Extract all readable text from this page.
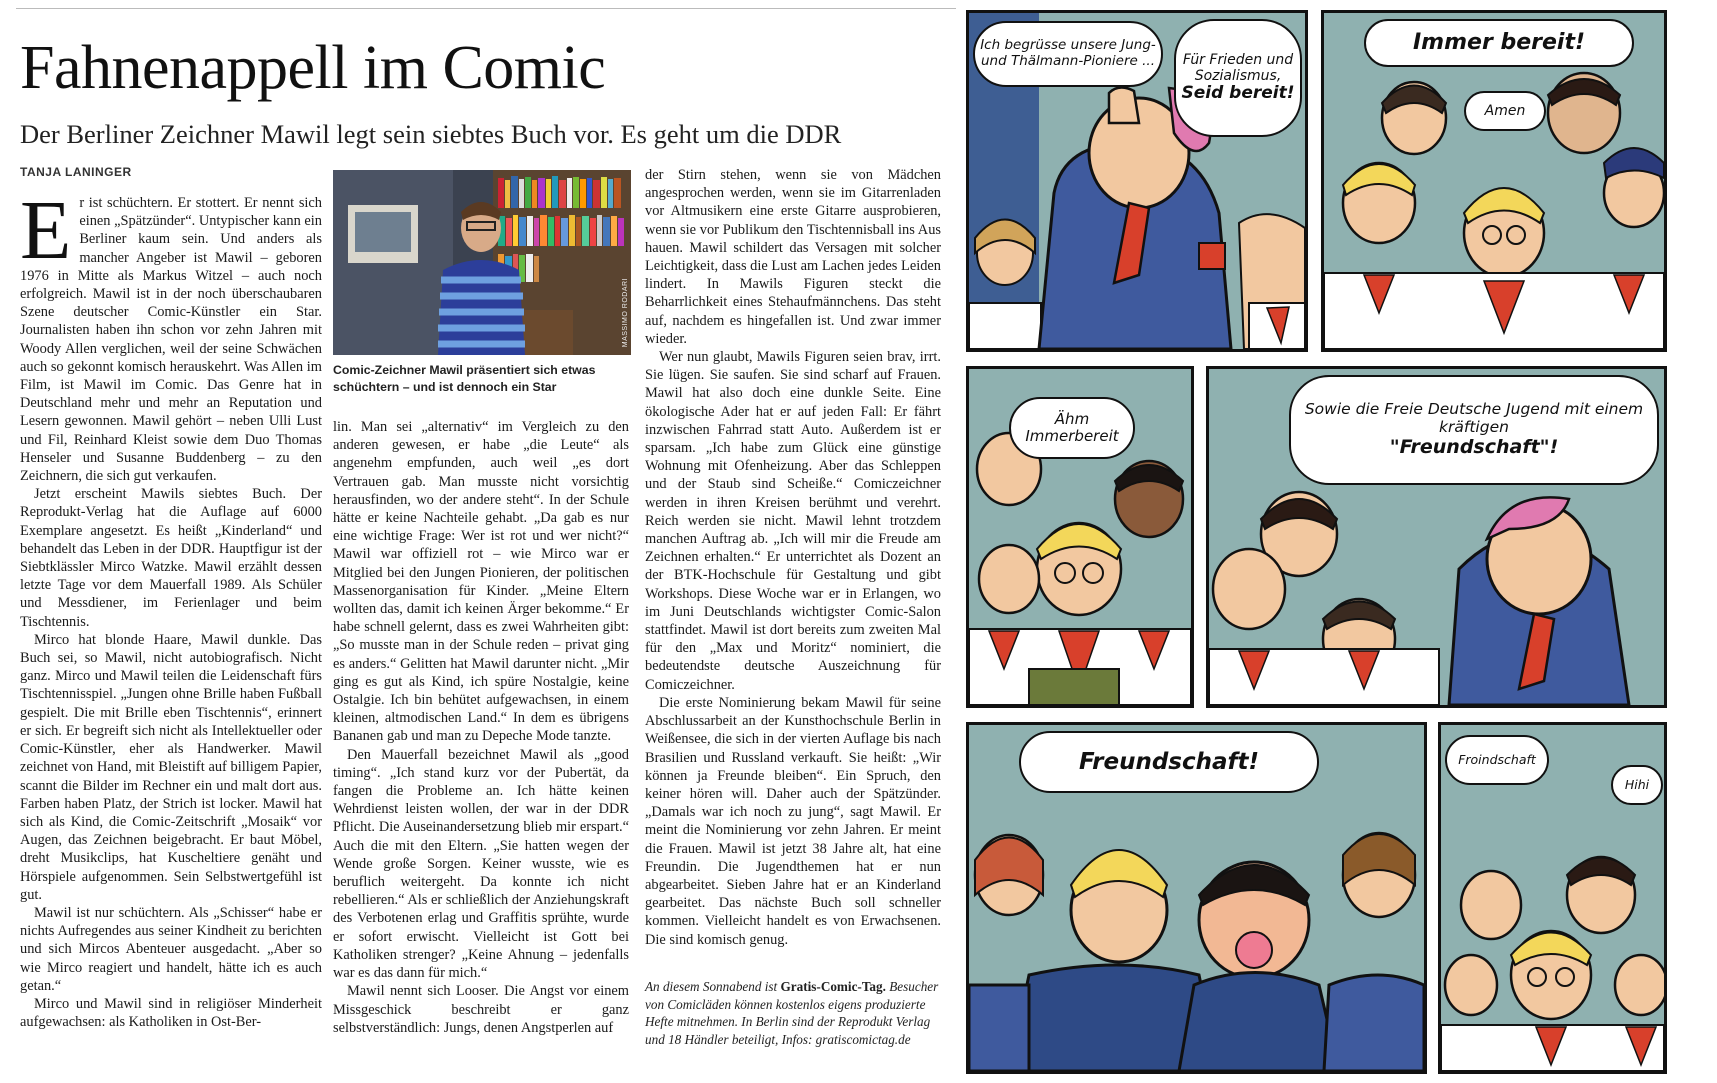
Fahnenappell im Comic
Der Berliner Zeichner Mawil legt sein siebtes Buch vor. Es geht um die DDR
TANJA LANINGER

Er ist schüchtern. Er stottert. Er nennt sich einen „Spätzünder“. Untypischer kann ein Berliner kaum sein. Und anders als mancher Angeber ist Mawil – geboren 1976 in Mitte als Markus Witzel – auch noch erfolgreich. Mawil ist in der noch überschaubaren Szene deutscher Comic-Künstler ein Star. Journalisten haben ihn schon vor zehn Jahren mit Woody Allen verglichen, weil der seine Schwächen auch so gekonnt komisch herauskehrt. Was Allen im Film, ist Mawil im Comic. Das Genre hat in Deutschland mehr und mehr an Reputation und Lesern gewonnen. Mawil gehört – neben Ulli Lust und Fil, Reinhard Kleist sowie dem Duo Thomas Henseler und Susanne Buddenberg – zu den Zeichnern, die sich gut verkaufen.

Jetzt erscheint Mawils siebtes Buch. Der Reprodukt-Verlag hat die Auflage auf 6000 Exemplare angesetzt. Es heißt „Kinderland“ und behandelt das Leben in der DDR. Hauptfigur ist der Siebtklässler Mirco Watzke. Mawil erzählt dessen letzte Tage vor dem Mauerfall 1989. Als Schüler und Messdiener, im Ferienlager und beim Tischtennis.

Mirco hat blonde Haare, Mawil dunkle. Das Buch sei, so Mawil, nicht autobiografisch. Nicht ganz. Mirco und Mawil teilen die Leidenschaft fürs Tischtennisspiel. „Jungen ohne Brille haben Fußball gespielt. Die mit Brille eben Tischtennis“, erinnert er sich. Er begreift sich nicht als Intellektueller oder Comic-Künstler, eher als Handwerker. Mawil zeichnet von Hand, mit Bleistift auf billigem Papier, scannt die Bilder im Rechner ein und malt dort aus. Farben haben Platz, der Strich ist locker. Mawil hat sich als Kind, die Comic-Zeitschrift „Mosaik“ vor Augen, das Zeichnen beigebracht. Er baut Möbel, dreht Musikclips, hat Kuscheltiere genäht und Hörspiele aufgenommen. Sein Selbstwertgefühl ist gut.

Mawil ist nur schüchtern. Als „Schisser“ habe er nichts Aufregendes aus seiner Kindheit zu berichten und sich Mircos Abenteuer ausgedacht. „Aber so wie Mirco reagiert und handelt, hätte ich es auch getan.“

Mirco und Mawil sind in religiöser Minderheit aufgewachsen: als Katholiken in Ost-Ber-

MASSIMO RODARI
Comic-Zeichner Mawil präsentiert sich etwas schüchtern – und ist dennoch ein Star

lin. Man sei „alternativ“ im Vergleich zu den anderen gewesen, er habe „die Leute“ als angenehm empfunden, auch weil „es dort Vertrauen gab. Man musste nicht vorsichtig herausfinden, wo der andere steht“. In der Schule hätte er keine Nachteile gehabt. „Da gab es nur eine wichtige Frage: Wer ist rot und wer nicht?“ Mawil war offiziell rot – wie Mirco war er Mitglied bei den Jungen Pionieren, der politischen Massenorganisation für Kinder. „Meine Eltern wollten das, damit ich keinen Ärger bekomme.“ Er habe schnell gelernt, dass es zwei Wahrheiten gibt: „So musste man in der Schule reden – privat ging es anders.“ Gelitten hat Mawil darunter nicht. „Mir ging es gut als Kind, ich spüre Nostalgie, keine Ostalgie. Ich bin behütet aufgewachsen, in einem kleinen, altmodischen Land.“ In dem es übrigens Bananen gab und man zu Depeche Mode tanzte.

Den Mauerfall bezeichnet Mawil als „good timing“. „Ich stand kurz vor der Pubertät, da fangen die Probleme an. Ich hätte keinen Wehrdienst leisten wollen, der war in der DDR Pflicht. Die Auseinandersetzung blieb mir erspart.“ Auch die mit den Eltern. „Sie hatten wegen der Wende große Sorgen. Keiner wusste, wie es beruflich weitergeht. Da konnte ich nicht rebellieren.“ Als er schließlich der Anziehungskraft des Verbotenen erlag und Graffitis sprühte, wurde er sofort erwischt. Vielleicht ist Gott bei Katholiken strenger? „Keine Ahnung – jedenfalls war es das dann für mich.“

Mawil nennt sich Looser. Die Angst vor einem Missgeschick beschreibt er ganz selbstverständlich: Jungs, denen Angstperlen auf

der Stirn stehen, wenn sie von Mädchen angesprochen werden, wenn sie im Gitarrenladen vor Altmusikern eine erste Gitarre ausprobieren, wenn sie vor Publikum den Tischtennisball ins Aus hauen. Mawil schildert das Versagen mit solcher Leichtigkeit, dass die Lust am Lachen jedes Leiden lindert. In Mawils Figuren steckt die Beharrlichkeit eines Stehaufmännchens. Das steht auf, nachdem es hingefallen ist. Und zwar immer wieder.

Wer nun glaubt, Mawils Figuren seien brav, irrt. Sie lügen. Sie saufen. Sie sind scharf auf Frauen. Mawil hat also doch eine dunkle Seite. Eine ökologische Ader hat er auf jeden Fall: Er fährt inzwischen Fahrrad statt Auto. Außerdem ist er sparsam. „Ich habe zum Glück eine günstige Wohnung mit Ofenheizung. Aber das Schleppen und der Staub sind Scheiße.“ Comiczeichner werden in ihren Kreisen berühmt und verehrt. Reich werden sie nicht. Mawil lehnt trotzdem manchen Auftrag ab. „Ich will mir die Freude am Zeichnen erhalten.“ Er unterrichtet als Dozent an der BTK-Hochschule für Gestaltung und gibt Workshops. Diese Woche war er in Erlangen, wo im Juni Deutschlands wichtigster Comic-Salon stattfindet. Mawil ist dort bereits zum zweiten Mal für den „Max und Moritz“ nominiert, die bedeutendste deutsche Auszeichnung für Comiczeichner.

Die erste Nominierung bekam Mawil für seine Abschlussarbeit an der Kunsthochschule Berlin in Weißensee, die sich in der vierten Auflage bis nach Brasilien und Russland verkauft. Sie heißt: „Wir können ja Freunde bleiben“. Ein Spruch, den keiner hören will. Daher auch der Spätzünder. „Damals war ich noch zu jung“, sagt Mawil. Er meint die Nominierung vor zehn Jahren. Er meint die Frauen. Mawil ist jetzt 38 Jahre alt, hat eine Freundin. Die Jugendthemen hat er nun abgearbeitet. Sieben Jahre hat er an Kinderland gearbeitet. Das nächste Buch soll schneller kommen. Vielleicht handelt es von Erwachsenen. Die sind komisch genug.

An diesem Sonnabend ist Gratis-Comic-Tag. Besucher von Comicläden können kostenlos eigens produzierte Hefte mitnehmen. In Berlin sind der Reprodukt Verlag und 18 Händler beteiligt, Infos: gratiscomictag.de
Ich begrüsse unsere Jung- und Thälmann-Pioniere ...	Für Frieden und Sozialismus,
Seid bereit!
Immer bereit!
Amen
Ähm Immerbereit
Sowie die Freie Deutsche Jugend mit einem kräftigen
"Freundschaft"!
Freundschaft!	Froindschaft
Hihi
